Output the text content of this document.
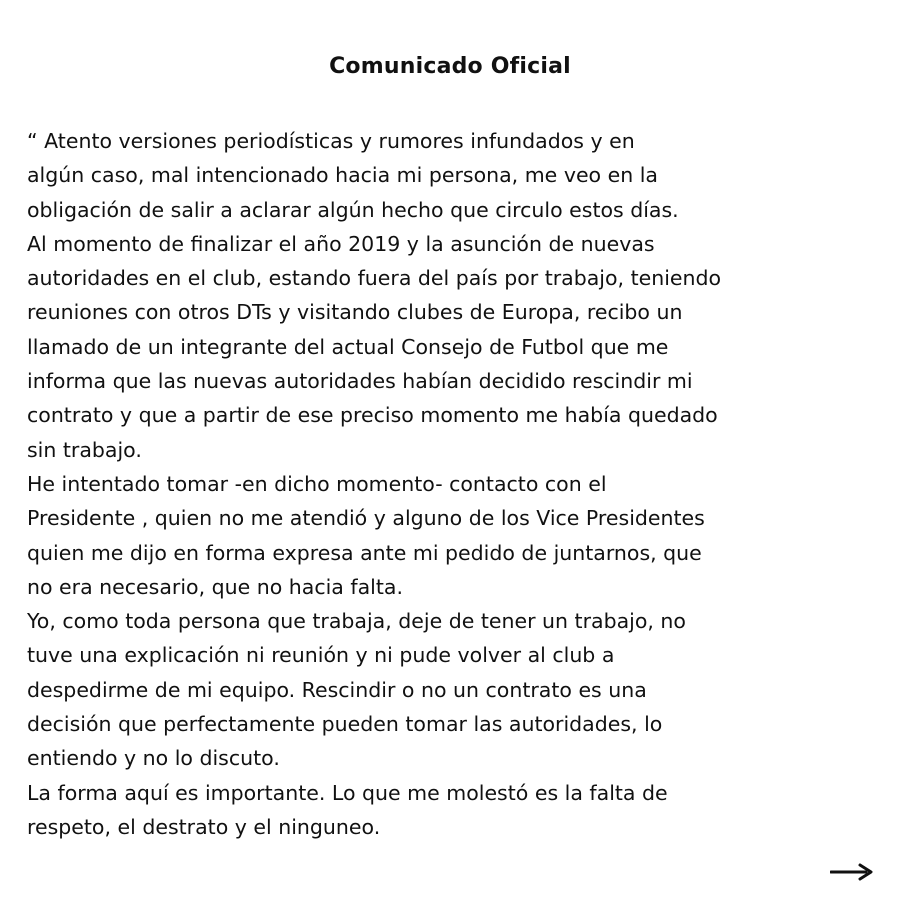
Comunicado Oficial
“ Atento versiones periodísticas y rumores infundados y en
algún caso, mal intencionado hacia mi persona, me veo en la
obligación de salir a aclarar algún hecho que circulo estos días.
Al momento de finalizar el año 2019 y la asunción de nuevas
autoridades en el club, estando fuera del país por trabajo, teniendo
reuniones con otros DTs y visitando clubes de Europa, recibo un
llamado de un integrante del actual Consejo de Futbol que me
informa que las nuevas autoridades habían decidido rescindir mi
contrato y que a partir de ese preciso momento me había quedado
sin trabajo.
He intentado tomar -en dicho momento- contacto con el
Presidente , quien no me atendió y alguno de los Vice Presidentes
quien me dijo en forma expresa ante mi pedido de juntarnos, que
no era necesario, que no hacia falta.
Yo, como toda persona que trabaja, deje de tener un trabajo, no
tuve una explicación ni reunión y ni pude volver al club a
despedirme de mi equipo. Rescindir o no un contrato es una
decisión que perfectamente pueden tomar las autoridades, lo
entiendo y no lo discuto.
La forma aquí es importante. Lo que me molestó es la falta de
respeto, el destrato y el ninguneo.
